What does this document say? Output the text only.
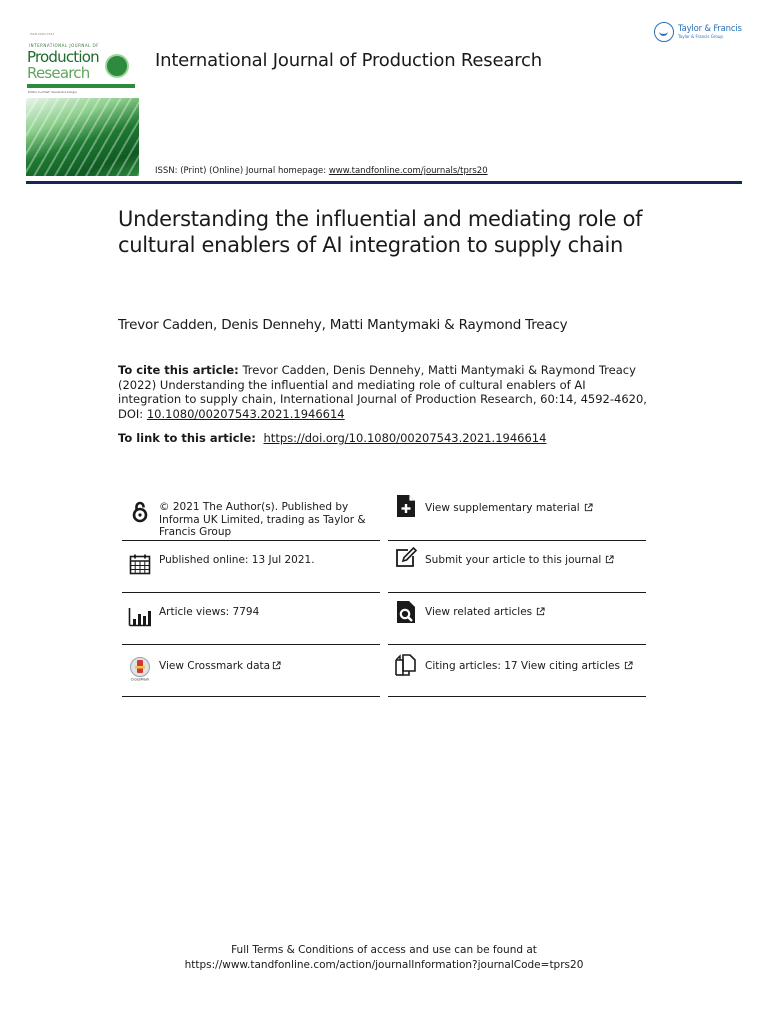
ISSN 0020-7543
INTERNATIONAL JOURNAL OF
Production
Research
Editor-in-Chief: Alexandre Dolgui
International Journal of Production Research
ISSN: (Print) (Online) Journal homepage: www.tandfonline.com/journals/tprs20
Taylor & Francis
Taylor & Francis Group
Understanding the influential and mediating role of cultural enablers of AI integration to supply chain
Trevor Cadden, Denis Dennehy, Matti Mantymaki & Raymond Treacy
To cite this article: Trevor Cadden, Denis Dennehy, Matti Mantymaki & Raymond Treacy (2022) Understanding the influential and mediating role of cultural enablers of AI integration to supply chain, International Journal of Production Research, 60:14, 4592-4620, DOI: 10.1080/00207543.2021.1946614
To link to this article: https://doi.org/10.1080/00207543.2021.1946614
© 2021 The Author(s). Published by Informa UK Limited, trading as Taylor & Francis Group
Published online: 13 Jul 2021.
Article views: 7794
CrossMark
View Crossmark data
View supplementary material
Submit your article to this journal
View related articles
Citing articles: 17 View citing articles
Full Terms & Conditions of access and use can be found at
https://www.tandfonline.com/action/journalInformation?journalCode=tprs20
